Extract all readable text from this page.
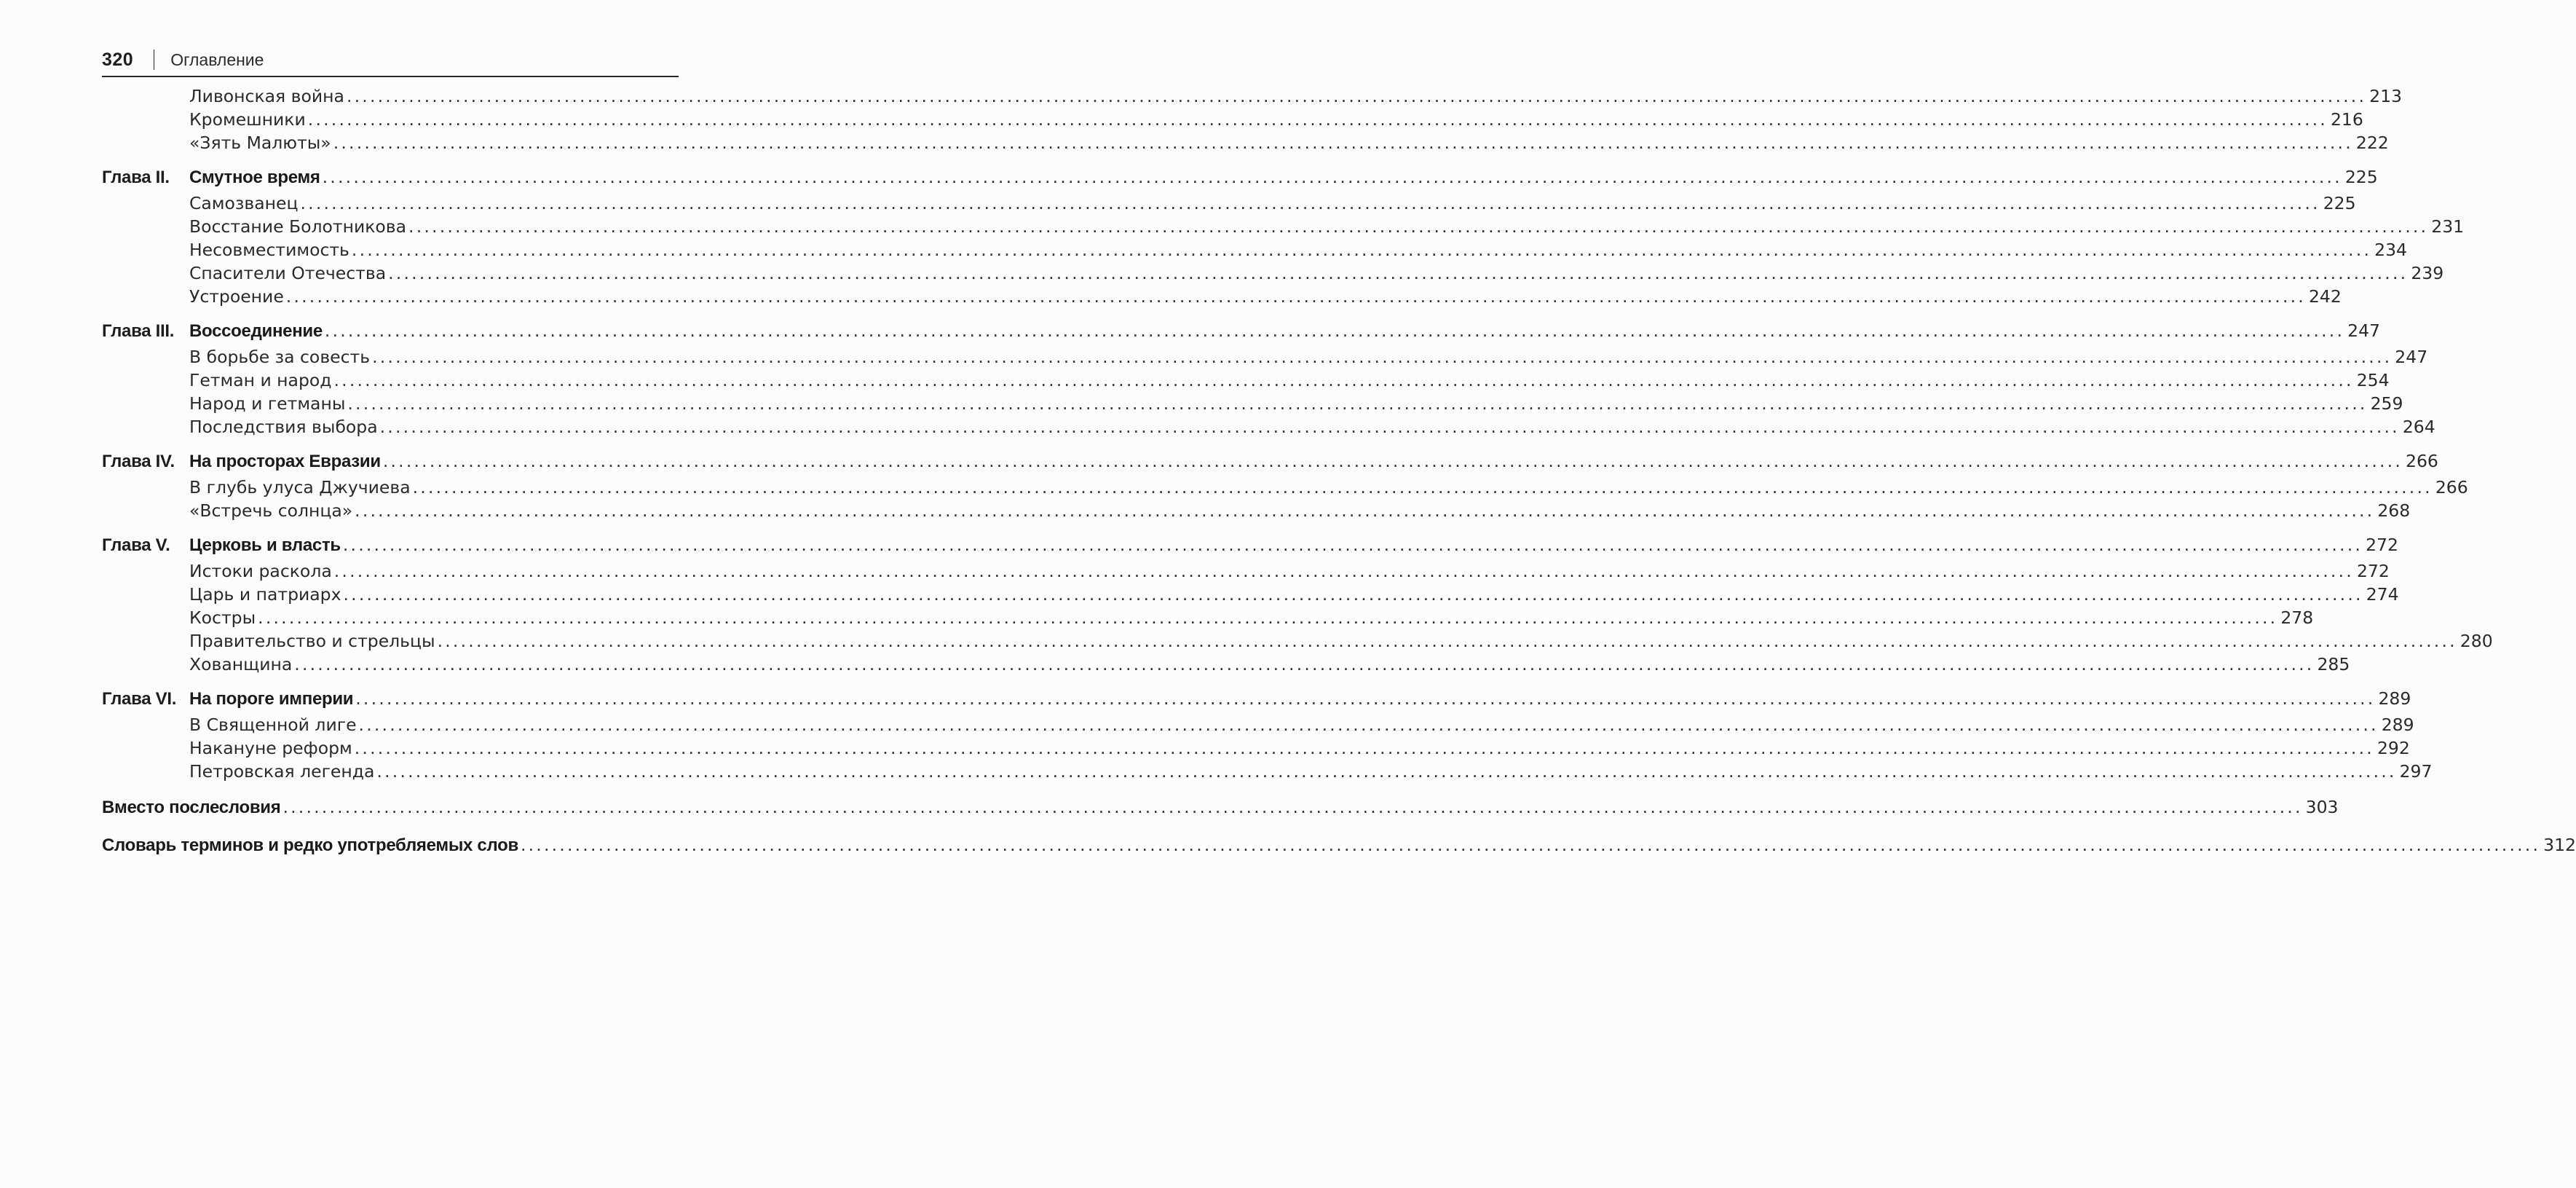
320 Оглавление
Ливонская война .................................................................................................................................................................................................................................................................... 213
Кромешники .................................................................................................................................................................................................................................................................... 216
«Зять Малюты» .................................................................................................................................................................................................................................................................... 222
Глава II.	Смутное время .................................................................................................................................................................................................................................................................... 225
Самозванец .................................................................................................................................................................................................................................................................... 225
Восстание Болотникова .................................................................................................................................................................................................................................................................... 231
Несовместимость .................................................................................................................................................................................................................................................................... 234
Спасители Отечества .................................................................................................................................................................................................................................................................... 239
Устроение .................................................................................................................................................................................................................................................................... 242
Глава III. Воссоединение .................................................................................................................................................................................................................................................................... 247
В борьбе за совесть .................................................................................................................................................................................................................................................................... 247
Гетман и народ .................................................................................................................................................................................................................................................................... 254
Народ и гетманы .................................................................................................................................................................................................................................................................... 259
Последствия выбора .................................................................................................................................................................................................................................................................... 264
Глава IV. На просторах Евразии .................................................................................................................................................................................................................................................................... 266
В глубь улуса Джучиева .................................................................................................................................................................................................................................................................... 266
«Встречь солнца» .................................................................................................................................................................................................................................................................... 268
Глава V.	Церковь и власть .................................................................................................................................................................................................................................................................... 272
Истоки раскола .................................................................................................................................................................................................................................................................... 272
Царь и патриарх .................................................................................................................................................................................................................................................................... 274
Костры .................................................................................................................................................................................................................................................................... 278
Правительство и стрельцы .................................................................................................................................................................................................................................................................... 280
Хованщина .................................................................................................................................................................................................................................................................... 285
Глава VI. На пороге империи .................................................................................................................................................................................................................................................................... 289
В Священной лиге .................................................................................................................................................................................................................................................................... 289
Накануне реформ .................................................................................................................................................................................................................................................................... 292
Петровская легенда .................................................................................................................................................................................................................................................................... 297
Вместо послесловия .................................................................................................................................................................................................................................................................... 303
Словарь терминов и редко употребляемых слов .................................................................................................................................................................................................................................................................... 312
